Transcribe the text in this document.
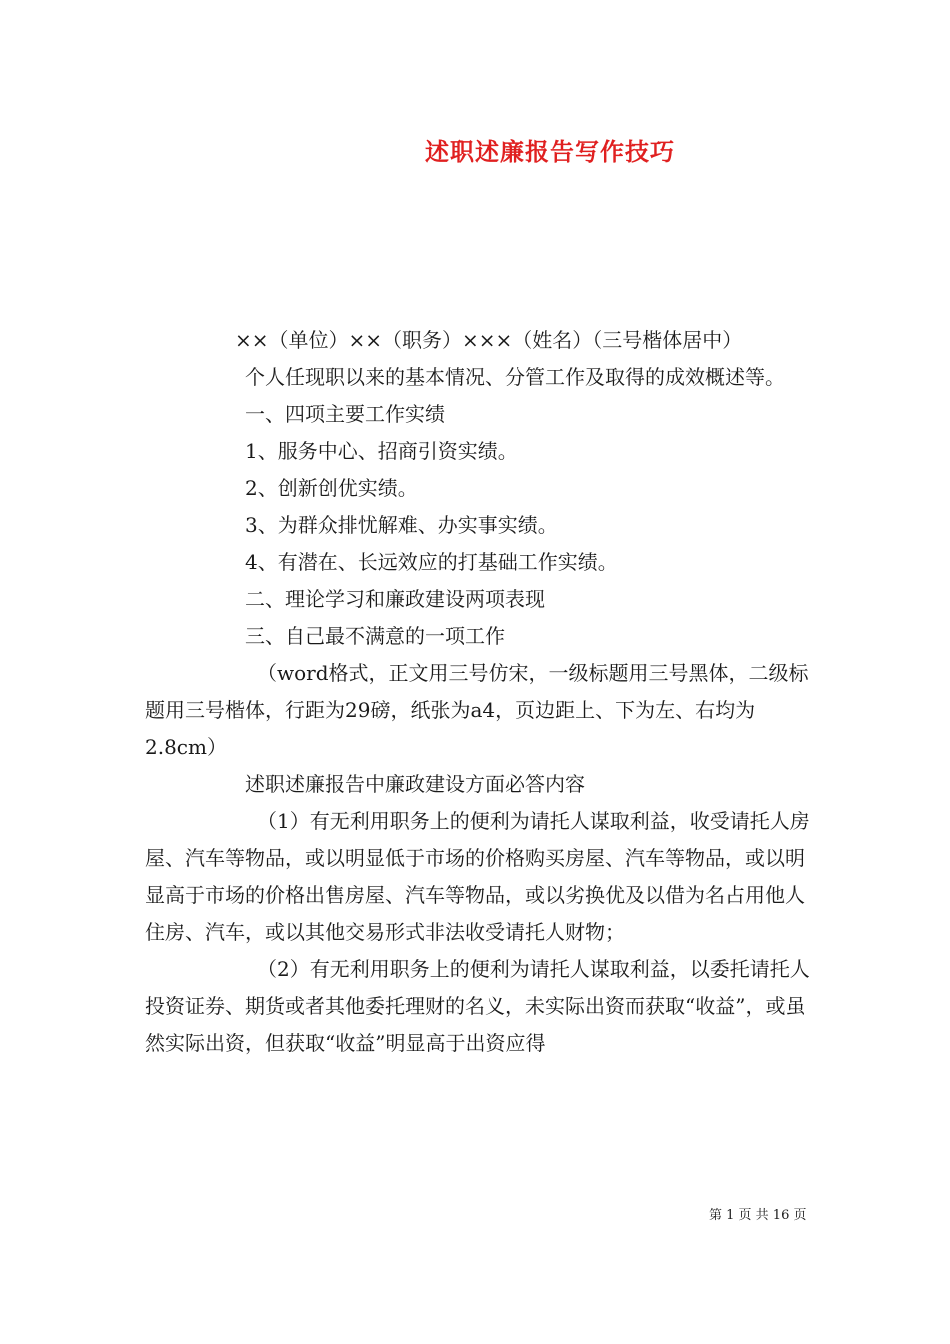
述职述廉报告写作技巧

××（单位）××（职务）×××（姓名）（三号楷体居中）

个人任现职以来的基本情况、分管工作及取得的成效概述等。

一、四项主要工作实绩

1、服务中心、招商引资实绩。

2、创新创优实绩。

3、为群众排忧解难、办实事实绩。

4、有潜在、长远效应的打基础工作实绩。

二、理论学习和廉政建设两项表现

三、自己最不满意的一项工作

（word格式，正文用三号仿宋，一级标题用三号黑体，二级标题用三号楷体，行距为29磅，纸张为a4，页边距上、下为左、右均为2.8cm）

述职述廉报告中廉政建设方面必答内容

（1）有无利用职务上的便利为请托人谋取利益，收受请托人房屋、汽车等物品，或以明显低于市场的价格购买房屋、汽车等物品，或以明显高于市场的价格出售房屋、汽车等物品，或以劣换优及以借为名占用他人住房、汽车，或以其他交易形式非法收受请托人财物；

（2）有无利用职务上的便利为请托人谋取利益，以委托请托人投资证券、期货或者其他委托理财的名义，未实际出资而获取“收益”，或虽然实际出资，但获取“收益”明显高于出资应得

第 1 页 共 16 页
